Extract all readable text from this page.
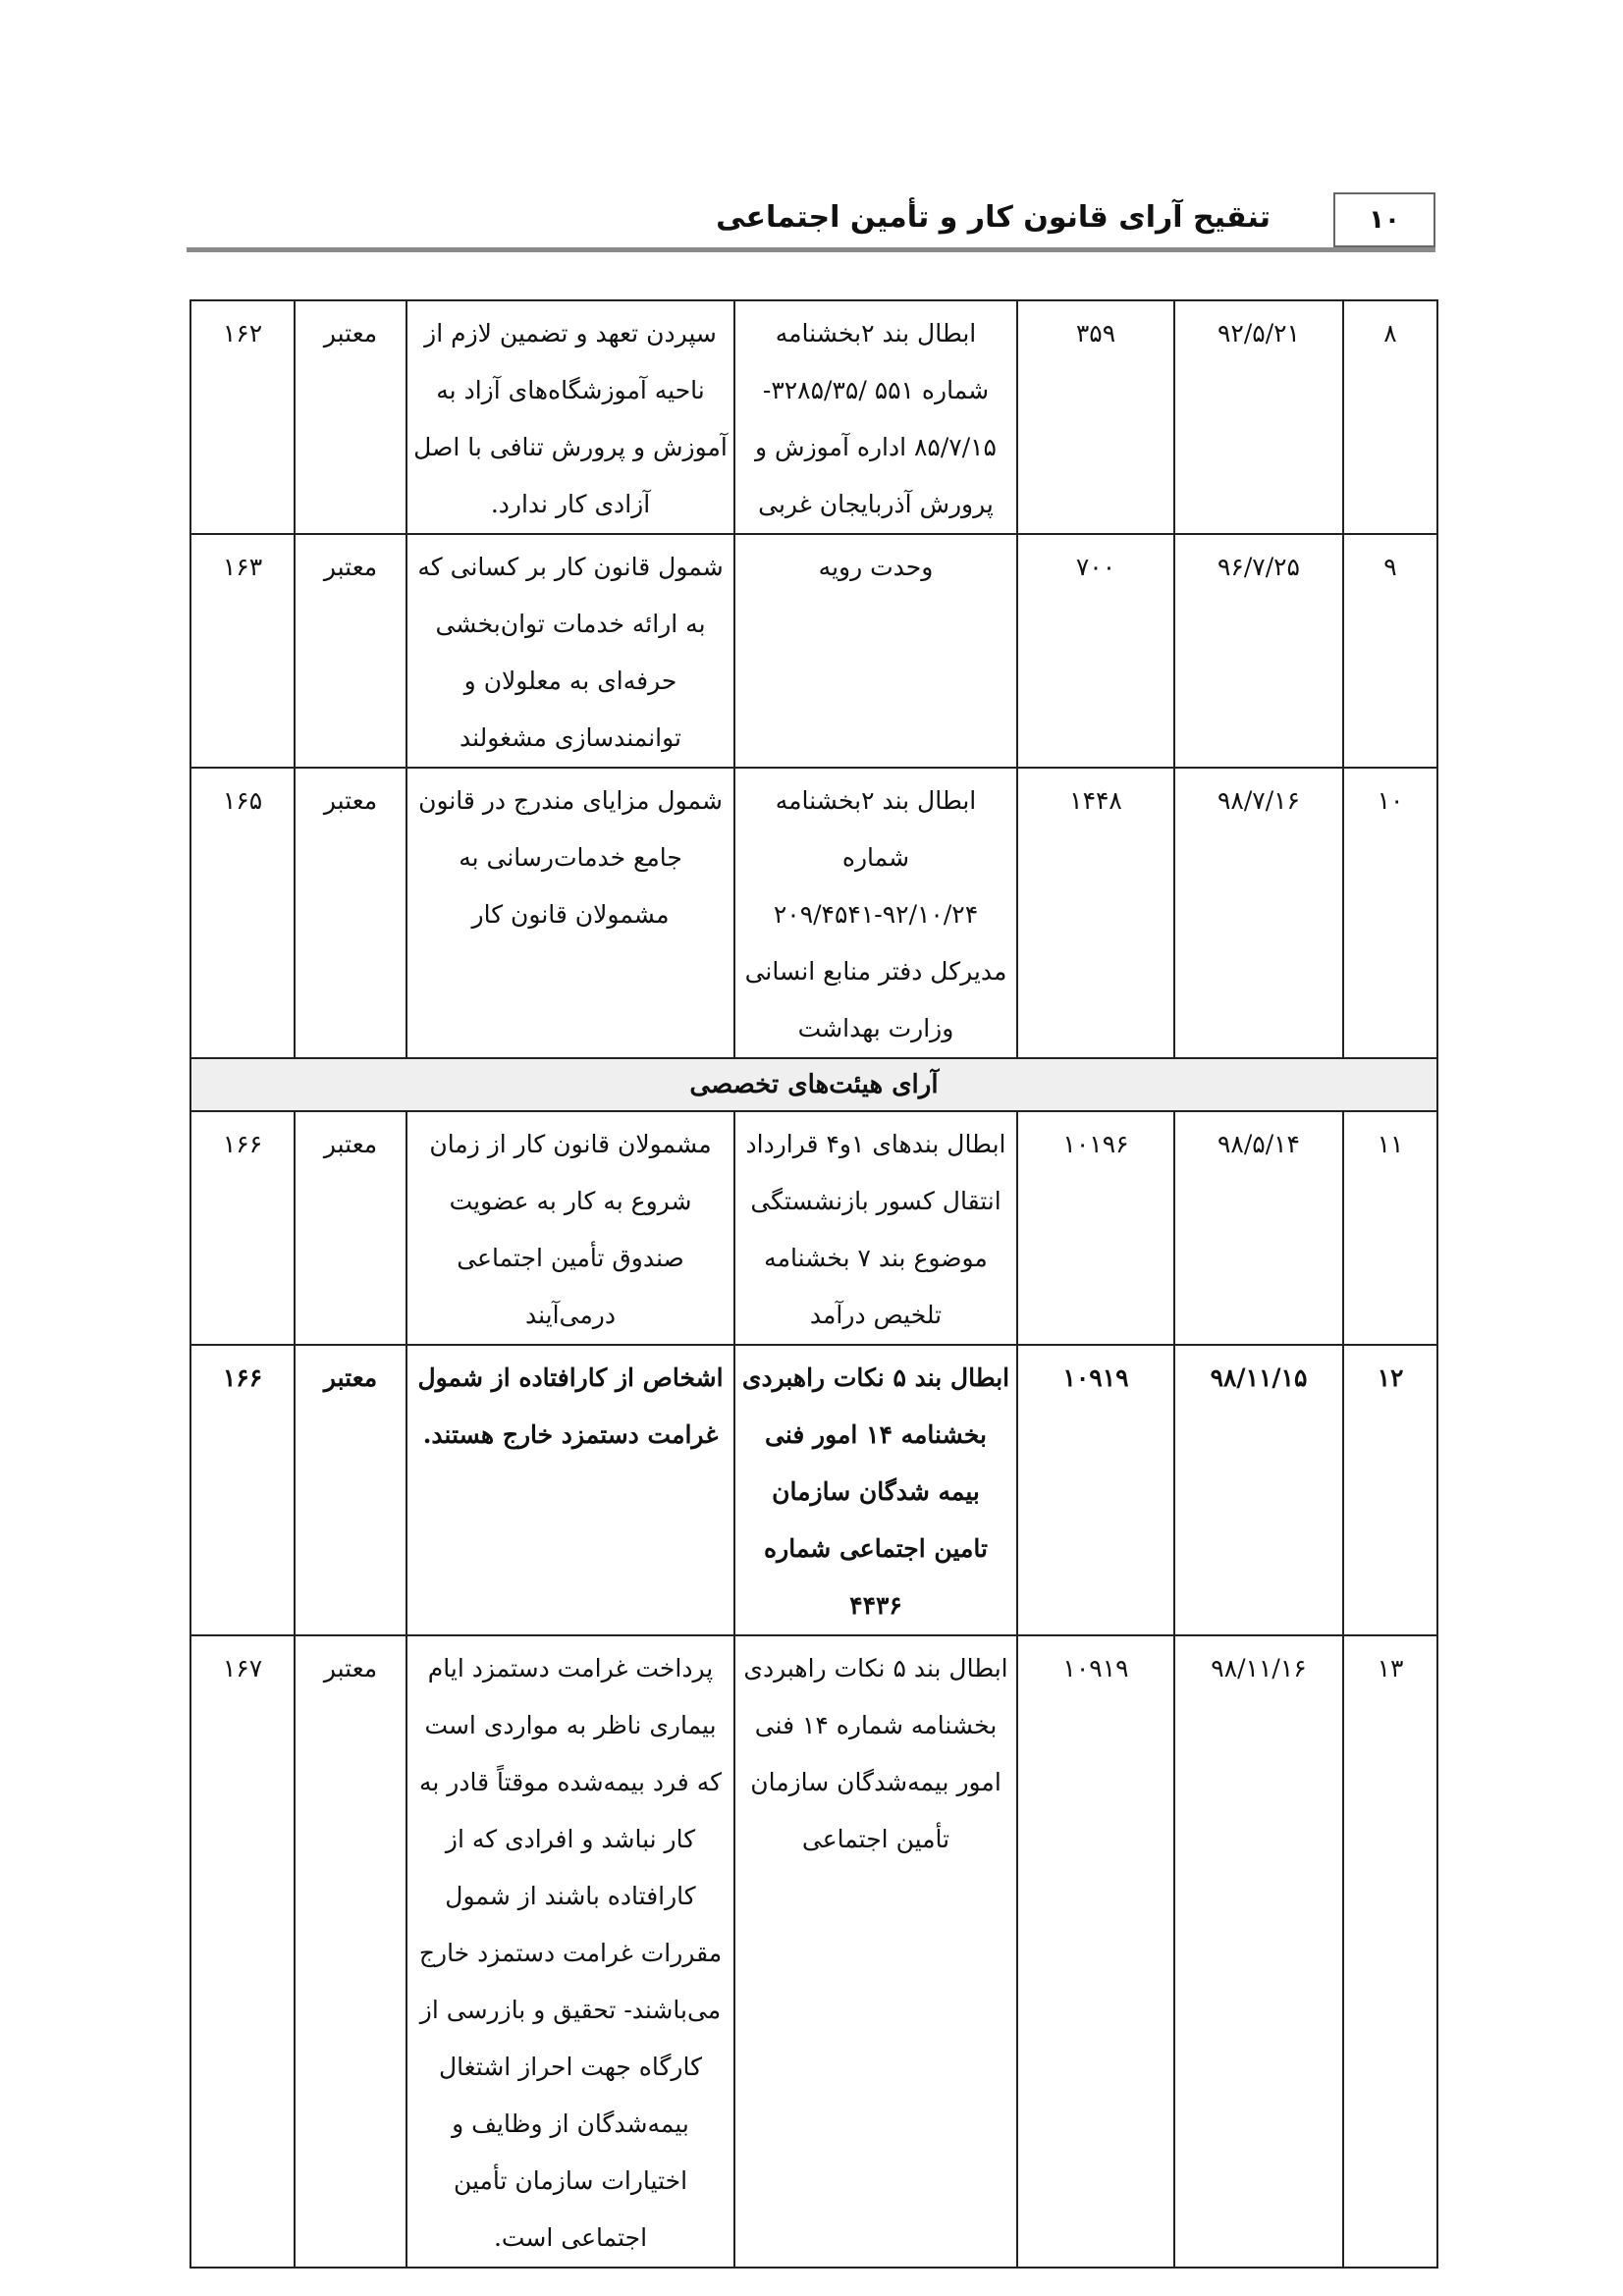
تنقیح آرای قانون کار و تأمین اجتماعی	۱۰
۸	۹۲/۵/۲۱	۳۵۹	ابطال بند ۲بخشنامه شماره ۵۵۱ /۳۲۸۵/۳۵- ۸۵/۷/۱۵ اداره آموزش و پرورش آذربایجان غربی	سپردن تعهد و تضمین لازم از ناحیه آموزشگاه‌های آزاد به آموزش و پرورش تنافی با اصل آزادی کار ندارد.	معتبر	۱۶۲
۹	۹۶/۷/۲۵	۷۰۰	وحدت رویه	شمول قانون کار بر کسانی که به ارائه خدمات توان‌بخشی حرفه‌ای به معلولان و توانمندسازی مشغولند	معتبر	۱۶۳
۱۰	۹۸/۷/۱۶	۱۴۴۸	ابطال بند ۲بخشنامه شماره ۹۲/۱۰/۲۴-۲۰۹/۴۵۴۱ مدیرکل دفتر منابع انسانی وزارت بهداشت	شمول مزایای مندرج در قانون جامع خدمات‌رسانی به مشمولان قانون کار	معتبر	۱۶۵
آرای هیئت‌های تخصصی						
۱۱	۹۸/۵/۱۴	۱۰۱۹۶	ابطال بندهای ۱و۴ قرارداد انتقال کسور بازنشستگی موضوع بند ۷ بخشنامه تلخیص درآمد	مشمولان قانون کار از زمان شروع به کار به عضویت صندوق تأمین اجتماعی درمی‌آیند	معتبر	۱۶۶
۱۲	۹۸/۱۱/۱۵	۱۰۹۱۹	ابطال بند ۵ نکات راهبردی بخشنامه ۱۴ امور فنی بیمه شدگان سازمان تامین اجتماعی شماره ۴۴۳۶	اشخاص از کارافتاده از شمول غرامت دستمزد خارج هستند.	معتبر	۱۶۶
۱۳	۹۸/۱۱/۱۶	۱۰۹۱۹	ابطال بند ۵ نکات راهبردی بخشنامه شماره ۱۴ فنی امور بیمه‌شدگان سازمان تأمین اجتماعی	پرداخت غرامت دستمزد ایام بیماری ناظر به مواردی است که فرد بیمه‌شده موقتاً قادر به کار نباشد و افرادی که از کارافتاده باشند از شمول مقررات غرامت دستمزد خارج می‌باشند- تحقیق و بازرسی از کارگاه جهت احراز اشتغال بیمه‌شدگان از وظایف و اختیارات سازمان تأمین اجتماعی است.	معتبر	۱۶۷
